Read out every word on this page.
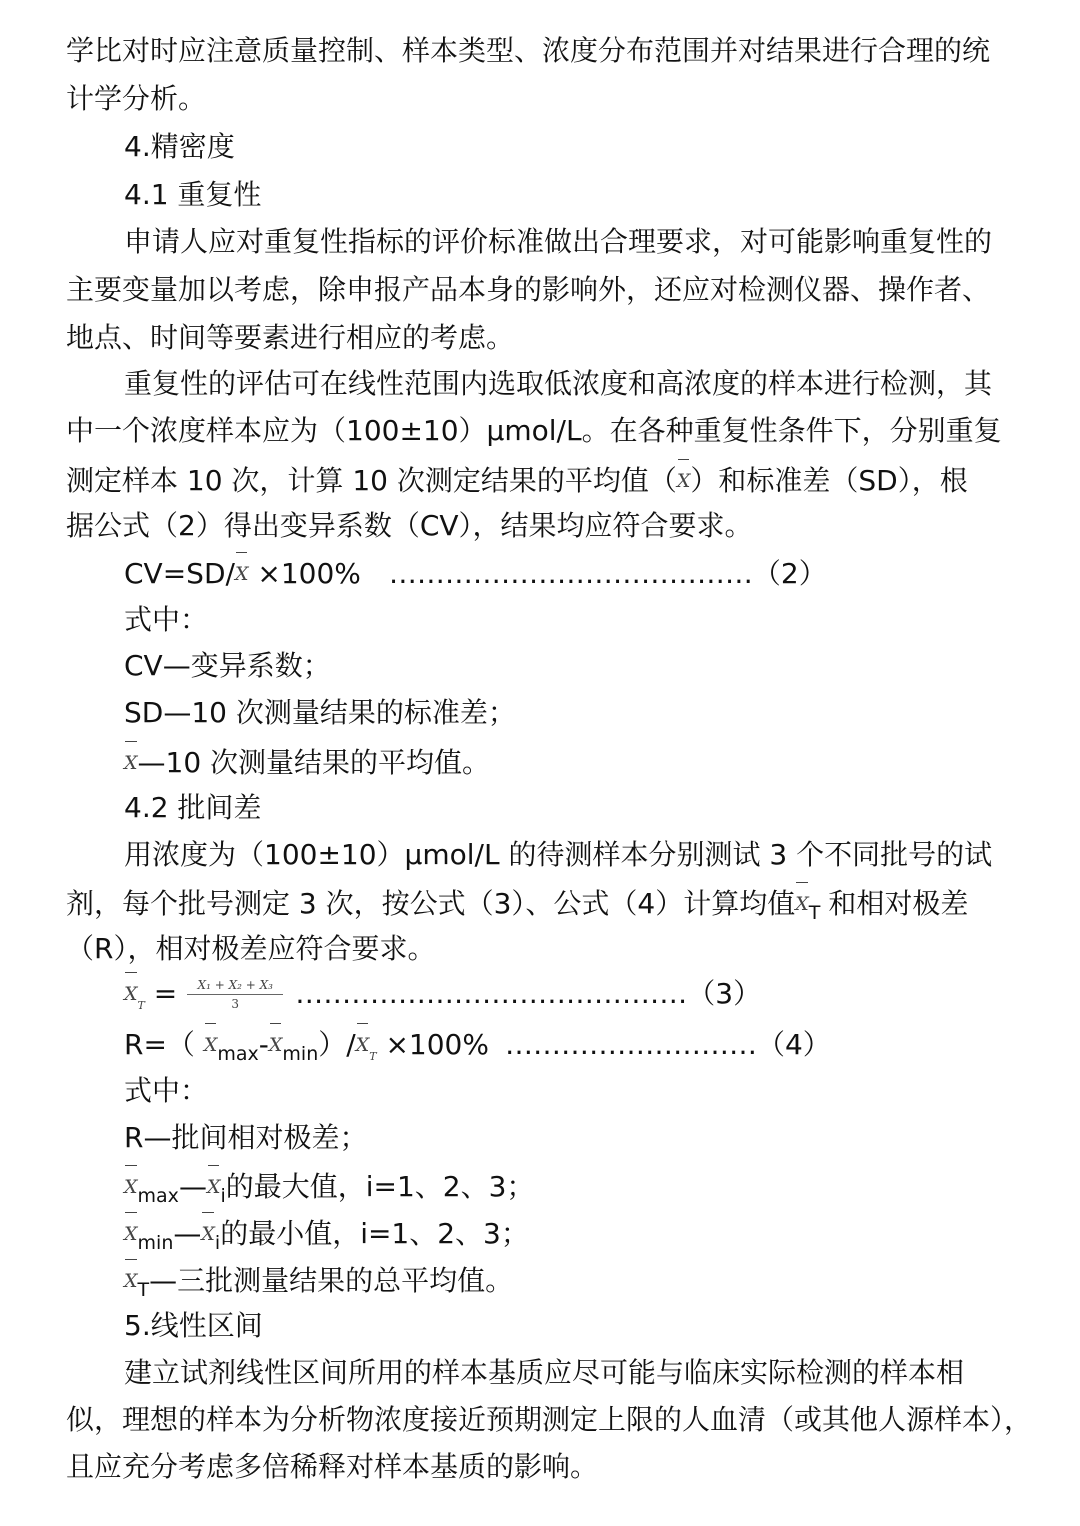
学比对时应注意质量控制、样本类型、浓度分布范围并对结果进行合理的统
计学分析。
4.精密度
4.1 重复性
申请人应对重复性指标的评价标准做出合理要求，对可能影响重复性的
主要变量加以考虑，除申报产品本身的影响外，还应对检测仪器、操作者、
地点、时间等要素进行相应的考虑。
重复性的评估可在线性范围内选取低浓度和高浓度的样本进行检测，其
中一个浓度样本应为（100±10）μmol/L。在各种重复性条件下，分别重复
测定样本 10 次，计算 10 次测定结果的平均值（X）和标准差（SD），根
据公式（2）得出变异系数（CV），结果均应符合要求。
CV=SD/X ×100% …………………………………（2）
式中：
CV—变异系数；
SD—10 次测量结果的标准差；
X—10 次测量结果的平均值。
4.2 批间差
用浓度为（100±10）μmol/L 的待测样本分别测试 3 个不同批号的试
剂，每个批号测定 3 次，按公式（3）、公式（4）计算均值$X_T$ 和相对极差
（R），相对极差应符合要求。
$X_T = \frac{\text{X₁ + X₂ + X₃}}{3}$ ……………………………………（3）
R=（ $X_{max}-X_{min})/X_T \times 100\%$ ………………………（4）
式中：
R—批间相对极差；
$X_{max}—X_i$的最大值，i=1、2、3；
$X_{min}—X_i$的最小值，i=1、2、3；
$X_T—$三批测量结果的总平均值。
5.线性区间
建立试剂线性区间所用的样本基质应尽可能与临床实际检测的样本相
似，理想的样本为分析物浓度接近预期测定上限的人血清（或其他人源样本），
且应充分考虑多倍稀释对样本基质的影响。
